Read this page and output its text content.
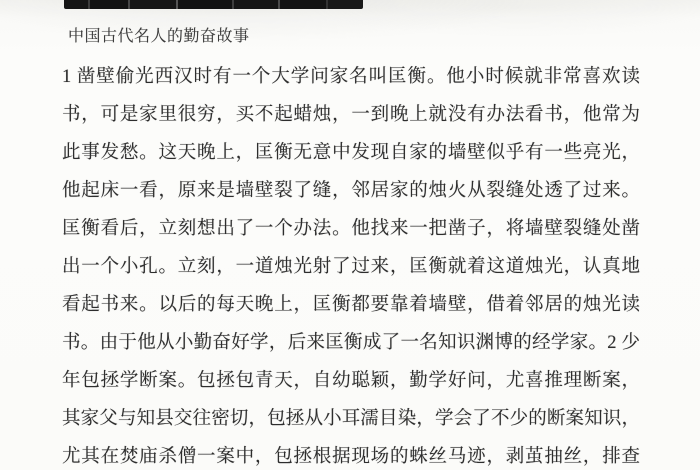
中国古代名人的勤奋故事
1 凿壁偷光西汉时有一个大学问家名叫匡衡。他小时候就非常喜欢读
书，可是家里很穷，买不起蜡烛，一到晚上就没有办法看书，他常为
此事发愁。这天晚上，匡衡无意中发现自家的墙壁似乎有一些亮光，
他起床一看，原来是墙壁裂了缝，邻居家的烛火从裂缝处透了过来。
匡衡看后，立刻想出了一个办法。他找来一把凿子，将墙壁裂缝处凿
出一个小孔。立刻，一道烛光射了过来，匡衡就着这道烛光，认真地
看起书来。以后的每天晚上，匡衡都要靠着墙壁，借着邻居的烛光读
书。由于他从小勤奋好学，后来匡衡成了一名知识渊博的经学家。2 少
年包拯学断案。包拯包青天，自幼聪颖，勤学好问，尤喜推理断案，
其家父与知县交往密切，包拯从小耳濡目染，学会了不少的断案知识，
尤其在焚庙杀僧一案中，包拯根据现场的蛛丝马迹，剥茧抽丝，排查
